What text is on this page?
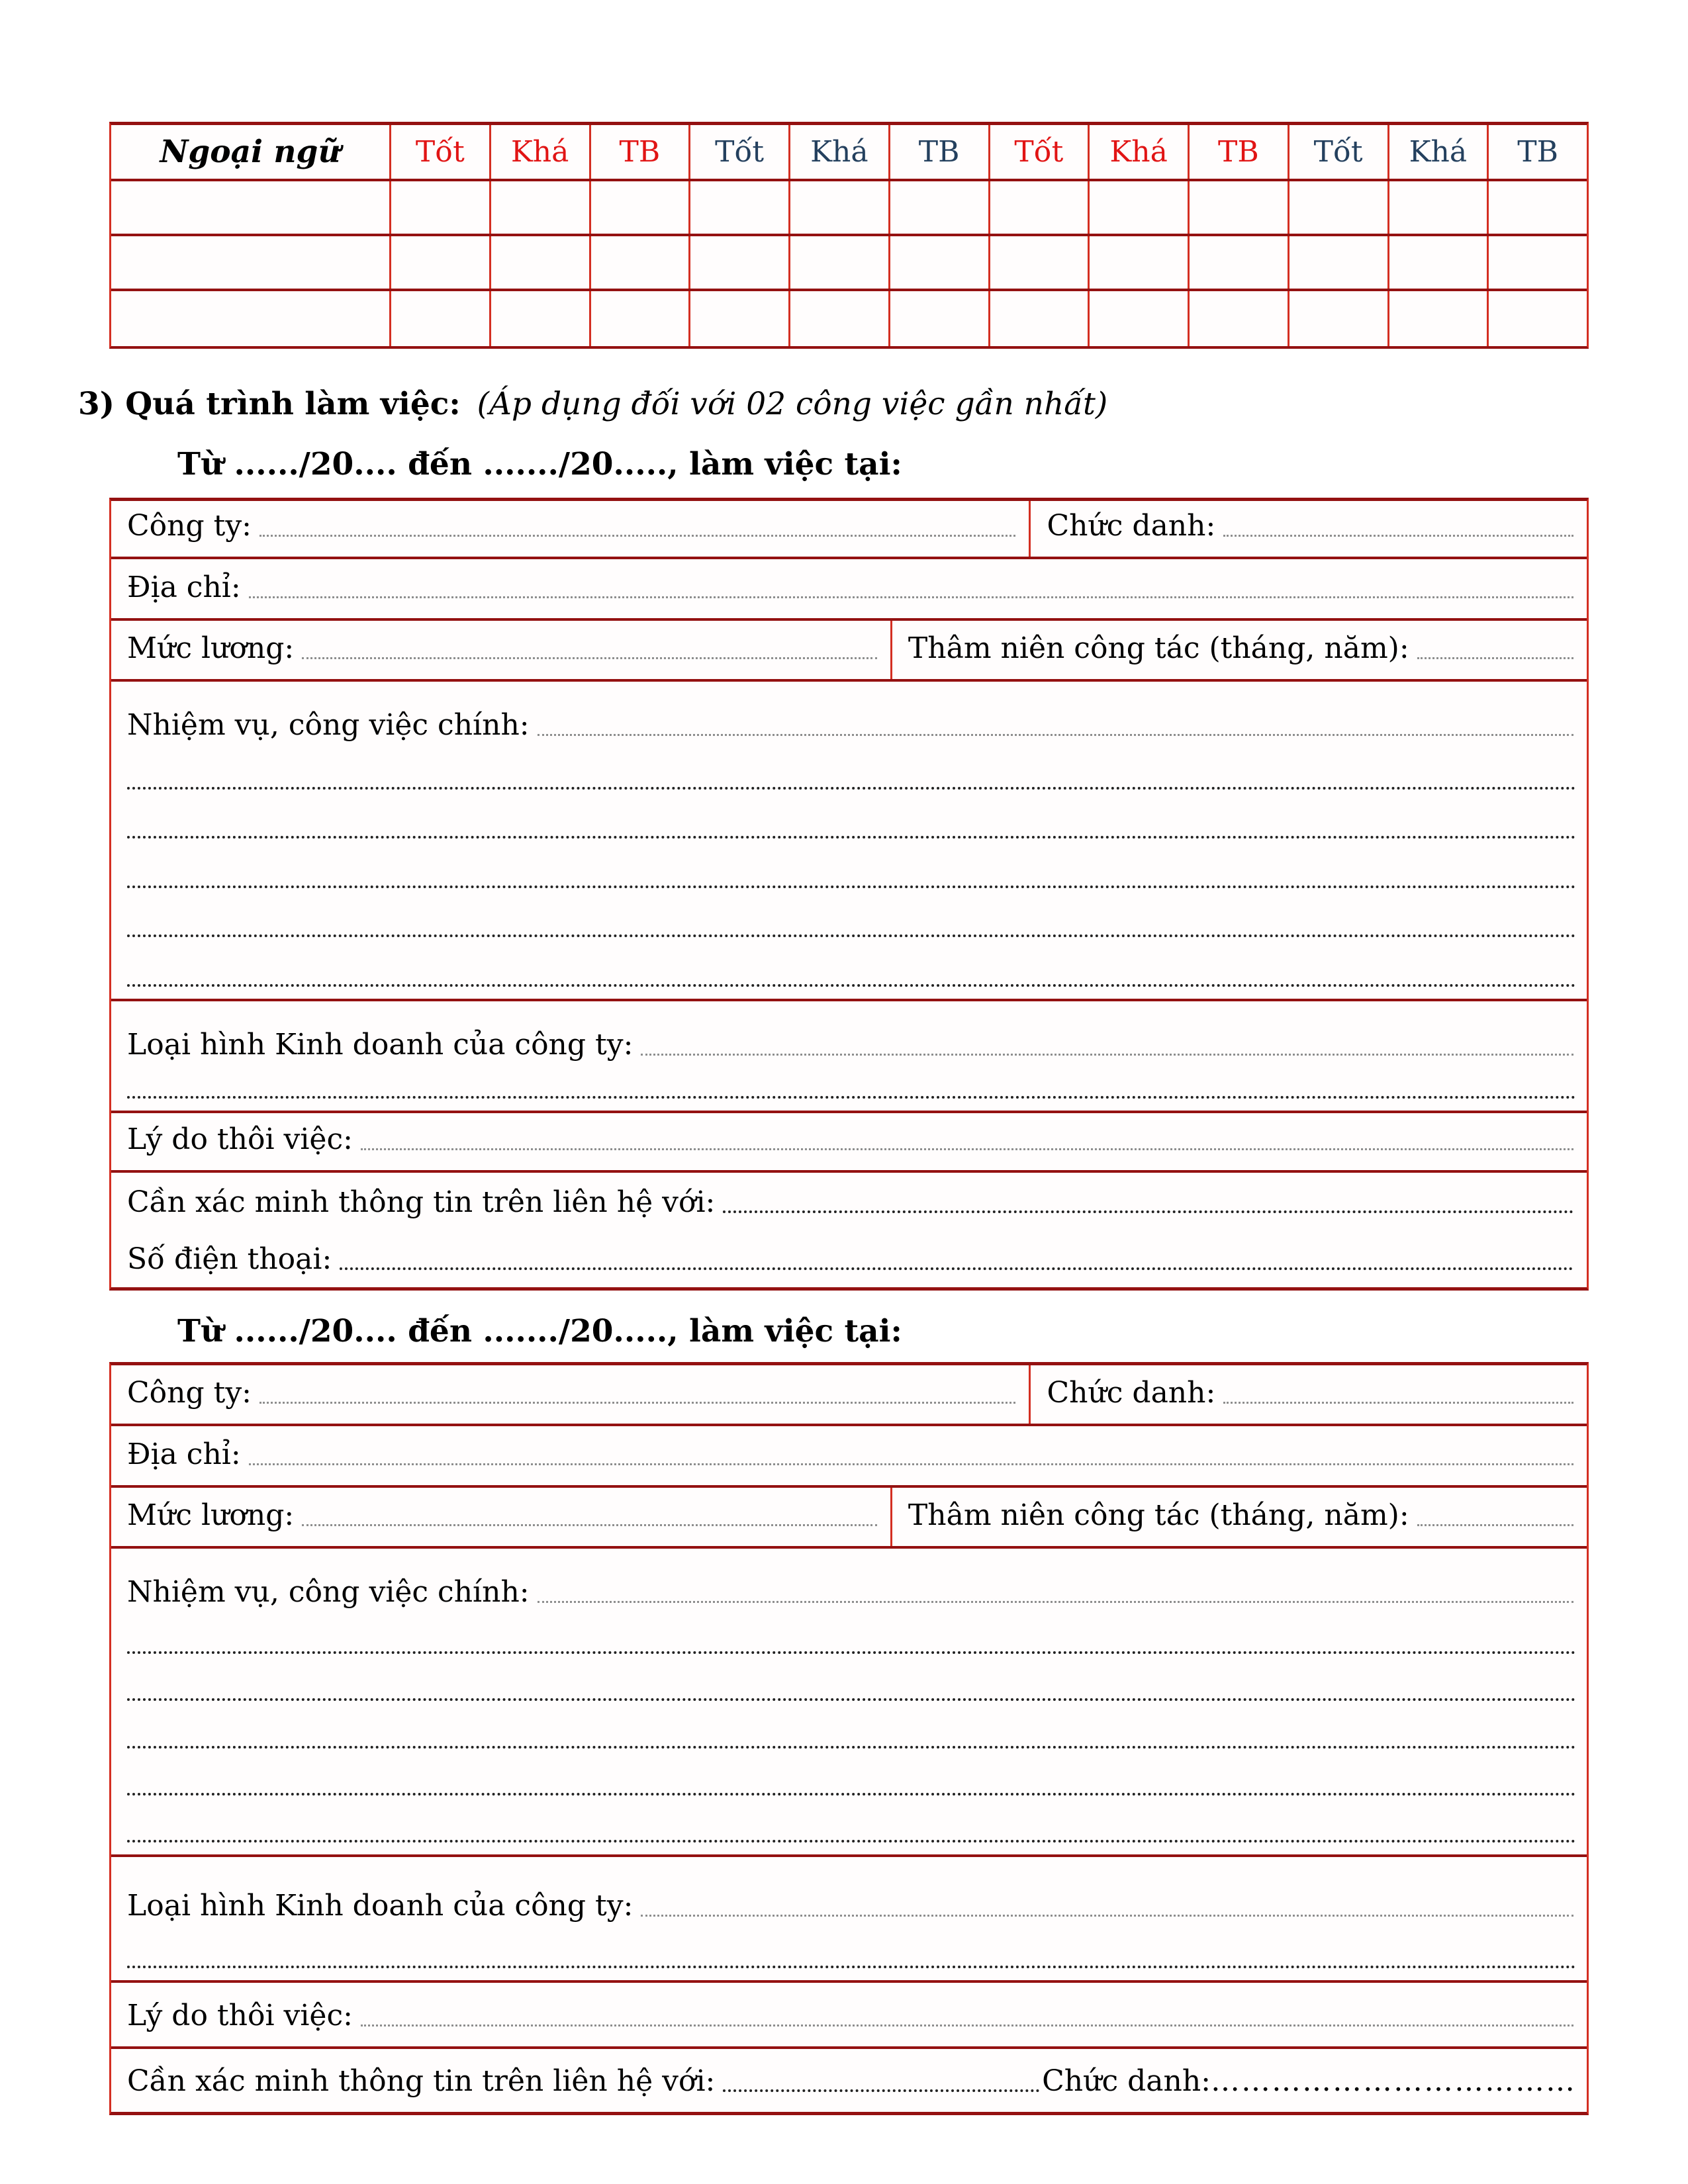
Ngoại ngữ	Tốt	Khá	TB	Tốt	Khá	TB	Tốt	Khá	TB	Tốt	Khá	TB
3) Quá trình làm việc: (Áp dụng đối với 02 công việc gần nhất)
Từ ....../20.... đến ......./20....., làm việc tại:
Công ty:	Chức danh:
Địa chỉ:
Mức lương:	Thâm niên công tác (tháng, năm):
Nhiệm vụ, công việc chính:
Loại hình Kinh doanh của công ty:
Lý do thôi việc:
Cần xác minh thông tin trên liên hệ với:
Số điện thoại:
Từ ....../20.... đến ......./20....., làm việc tại:
Công ty:	Chức danh:
Địa chỉ:
Mức lương:	Thâm niên công tác (tháng, năm):
Nhiệm vụ, công việc chính:
Loại hình Kinh doanh của công ty:
Lý do thôi việc:
Cần xác minh thông tin trên liên hệ với:	Chức danh: ………………………………
